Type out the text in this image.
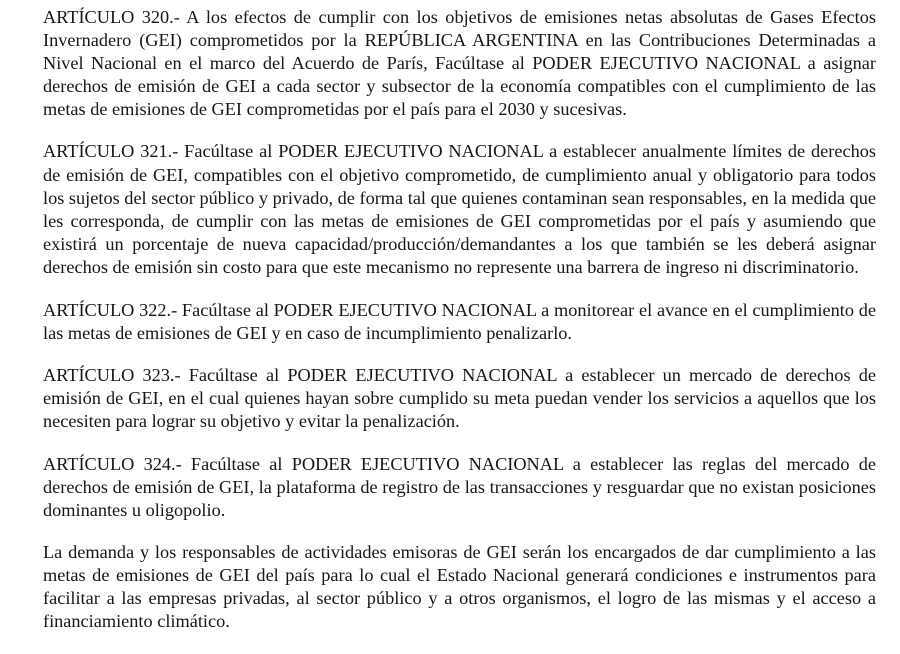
ARTÍCULO 320.- A los efectos de cumplir con los objetivos de emisiones netas absolutas de Gases Efectos
Invernadero (GEI) comprometidos por la REPÚBLICA ARGENTINA en las Contribuciones Determinadas a
Nivel Nacional en el marco del Acuerdo de París, Facúltase al PODER EJECUTIVO NACIONAL a asignar
derechos de emisión de GEI a cada sector y subsector de la economía compatibles con el cumplimiento de las
metas de emisiones de GEI comprometidas por el país para el 2030 y sucesivas.

ARTÍCULO 321.- Facúltase al PODER EJECUTIVO NACIONAL a establecer anualmente límites de derechos
de emisión de GEI, compatibles con el objetivo comprometido, de cumplimiento anual y obligatorio para todos
los sujetos del sector público y privado, de forma tal que quienes contaminan sean responsables, en la medida que
les corresponda, de cumplir con las metas de emisiones de GEI comprometidas por el país y asumiendo que
existirá un porcentaje de nueva capacidad/producción/demandantes a los que también se les deberá asignar
derechos de emisión sin costo para que este mecanismo no represente una barrera de ingreso ni discriminatorio.

ARTÍCULO 322.- Facúltase al PODER EJECUTIVO NACIONAL a monitorear el avance en el cumplimiento de
las metas de emisiones de GEI y en caso de incumplimiento penalizarlo.

ARTÍCULO 323.- Facúltase al PODER EJECUTIVO NACIONAL a establecer un mercado de derechos de
emisión de GEI, en el cual quienes hayan sobre cumplido su meta puedan vender los servicios a aquellos que los
necesiten para lograr su objetivo y evitar la penalización.

ARTÍCULO 324.- Facúltase al PODER EJECUTIVO NACIONAL a establecer las reglas del mercado de
derechos de emisión de GEI, la plataforma de registro de las transacciones y resguardar que no existan posiciones
dominantes u oligopolio.

La demanda y los responsables de actividades emisoras de GEI serán los encargados de dar cumplimiento a las
metas de emisiones de GEI del país para lo cual el Estado Nacional generará condiciones e instrumentos para
facilitar a las empresas privadas, al sector público y a otros organismos, el logro de las mismas y el acceso a
financiamiento climático.
